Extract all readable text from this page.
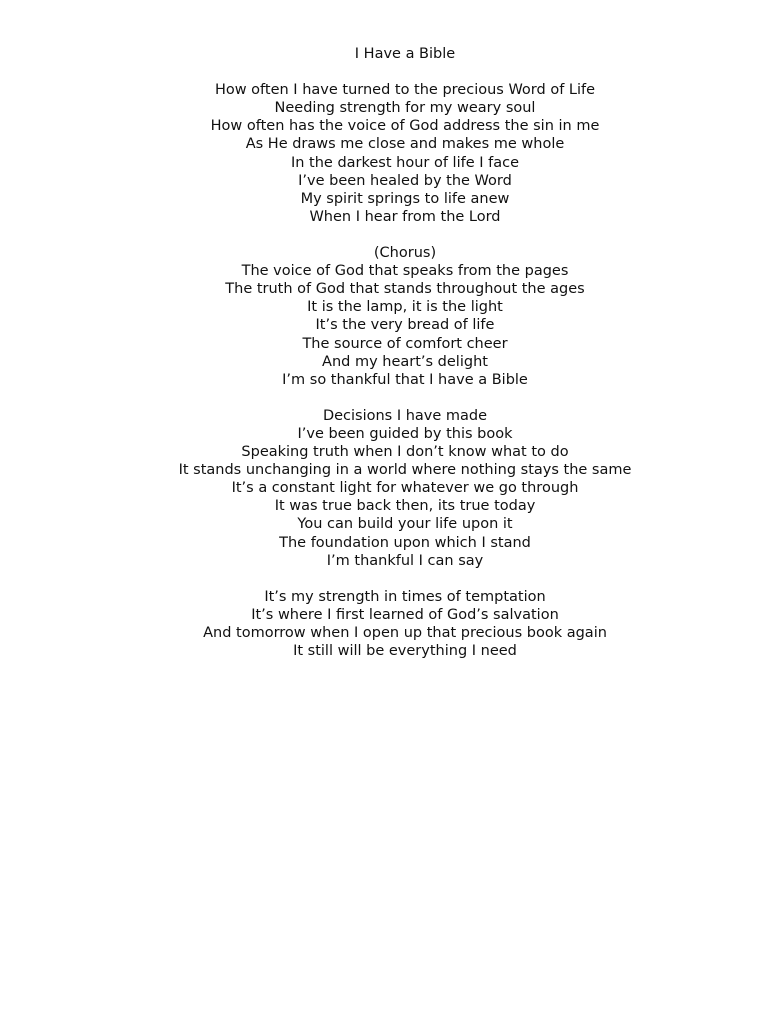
I Have a Bible
How often I have turned to the precious Word of Life
Needing strength for my weary soul
How often has the voice of God address the sin in me
As He draws me close and makes me whole
In the darkest hour of life I face
I’ve been healed by the Word
My spirit springs to life anew
When I hear from the Lord
(Chorus)
The voice of God that speaks from the pages
The truth of God that stands throughout the ages
It is the lamp, it is the light
It’s the very bread of life
The source of comfort cheer
And my heart’s delight
I’m so thankful that I have a Bible
Decisions I have made
I’ve been guided by this book
Speaking truth when I don’t know what to do
It stands unchanging in a world where nothing stays the same
It’s a constant light for whatever we go through
It was true back then, its true today
You can build your life upon it
The foundation upon which I stand
I’m thankful I can say
It’s my strength in times of temptation
It’s where I first learned of God’s salvation
And tomorrow when I open up that precious book again
It still will be everything I need
